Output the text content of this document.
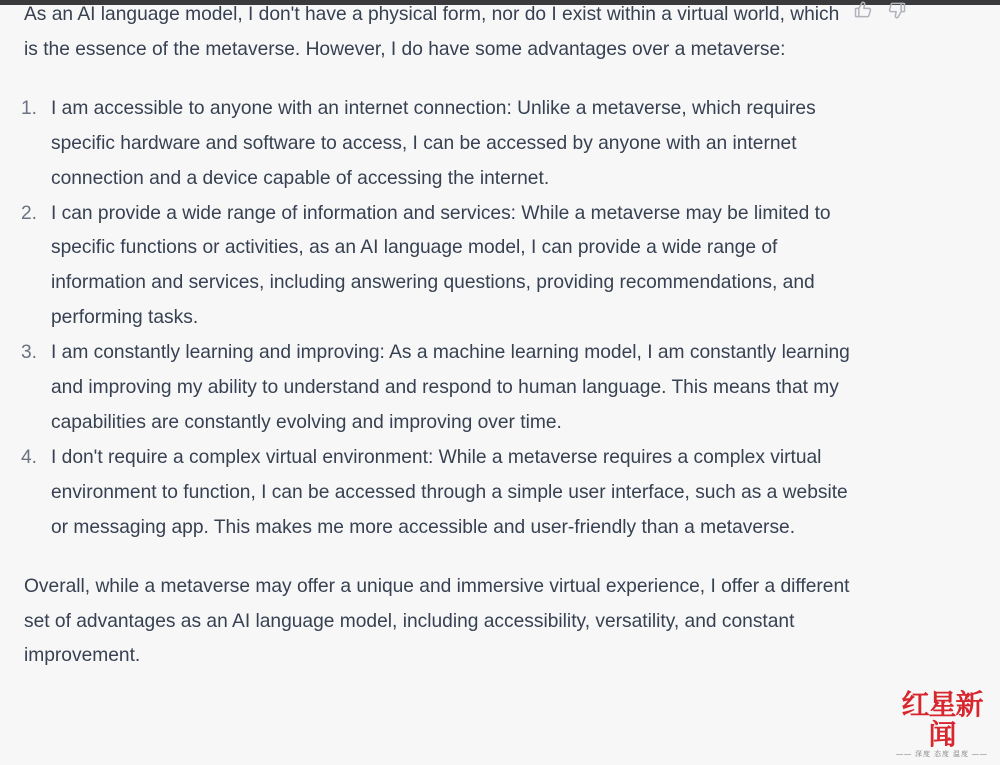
As an AI language model, I don't have a physical form, nor do I exist within a virtual world, which is the essence of the metaverse. However, I do have some advantages over a metaverse:

1. I am accessible to anyone with an internet connection: Unlike a metaverse, which requires specific hardware and software to access, I can be accessed by anyone with an internet connection and a device capable of accessing the internet.
2. I can provide a wide range of information and services: While a metaverse may be limited to specific functions or activities, as an AI language model, I can provide a wide range of information and services, including answering questions, providing recommendations, and performing tasks.
3. I am constantly learning and improving: As a machine learning model, I am constantly learning and improving my ability to understand and respond to human language. This means that my capabilities are constantly evolving and improving over time.
4. I don't require a complex virtual environment: While a metaverse requires a complex virtual environment to function, I can be accessed through a simple user interface, such as a website or messaging app. This makes me more accessible and user-friendly than a metaverse.

Overall, while a metaverse may offer a unique and immersive virtual experience, I offer a different set of advantages as an AI language model, including accessibility, versatility, and constant improvement.

红星新闻
—— 深度 态度 温度 ——
